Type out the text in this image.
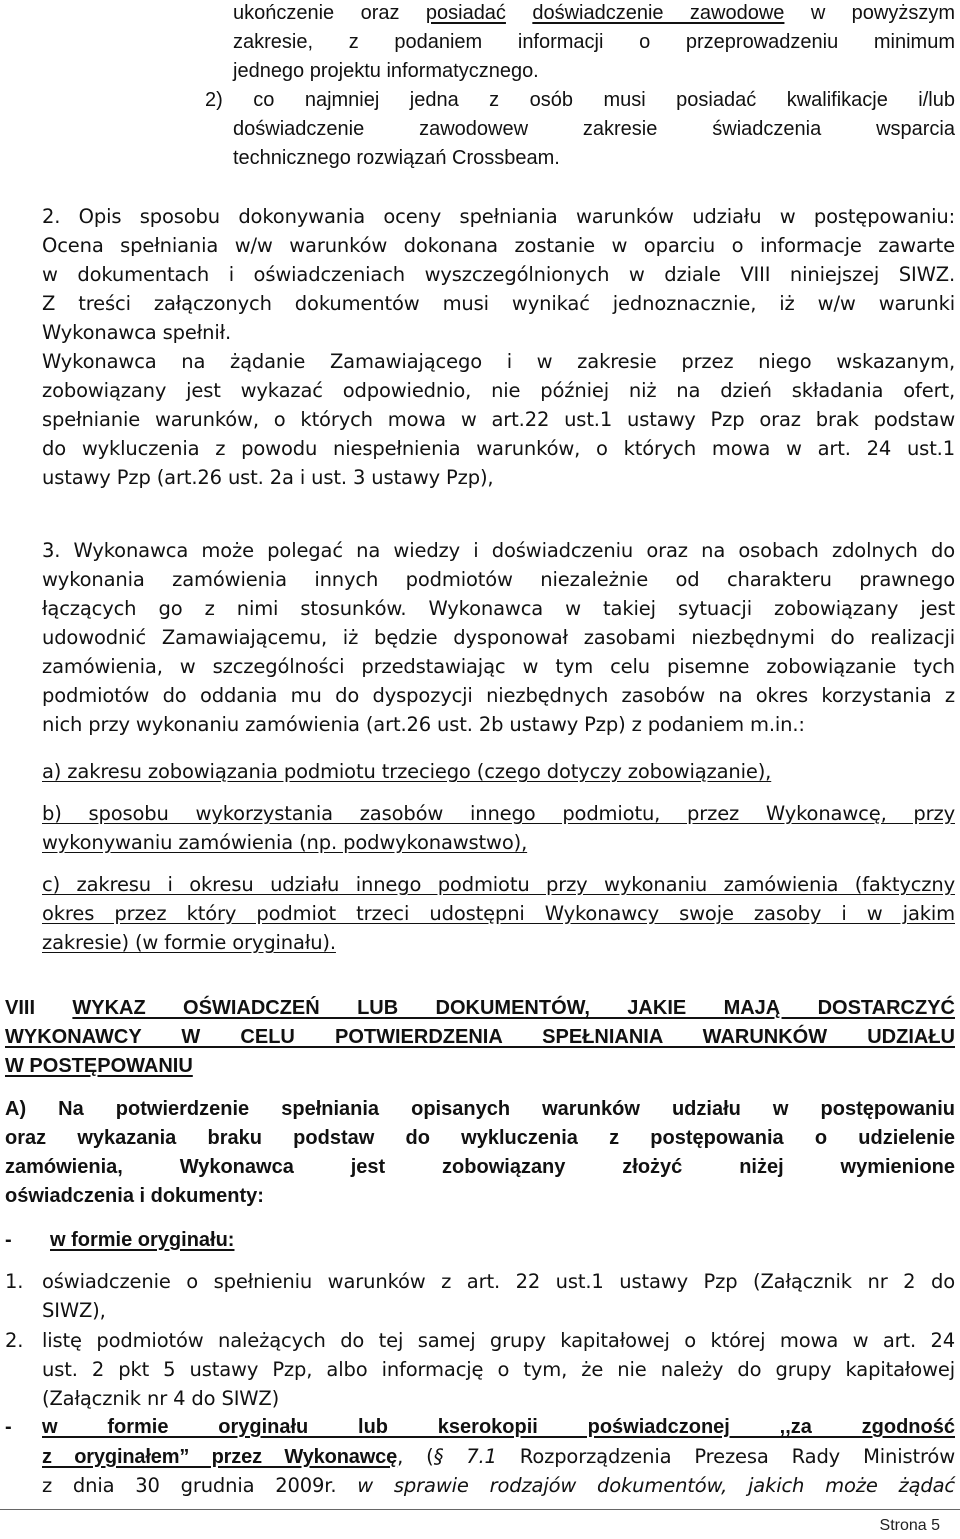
ukończenie oraz posiadać doświadczenie zawodowe w powyższym
zakresie, z podaniem informacji o przeprowadzeniu minimum
jednego projektu informatycznego.
2) co najmniej jedna z osób musi posiadać kwalifikacje i/lub
doświadczenie zawodowew zakresie świadczenia wsparcia
technicznego rozwiązań Crossbeam.
2. Opis sposobu dokonywania oceny spełniania warunków udziału w postępowaniu:
Ocena spełniania w/w warunków dokonana zostanie w oparciu o informacje zawarte
w dokumentach i oświadczeniach wyszczególnionych w dziale VIII niniejszej SIWZ.
Z treści załączonych dokumentów musi wynikać jednoznacznie, iż w/w warunki
Wykonawca spełnił.
Wykonawca na żądanie Zamawiającego i w zakresie przez niego wskazanym,
zobowiązany jest wykazać odpowiednio, nie później niż na dzień składania ofert,
spełnianie warunków, o których mowa w art.22 ust.1 ustawy Pzp oraz brak podstaw
do wykluczenia z powodu niespełnienia warunków, o których mowa w art. 24 ust.1
ustawy Pzp (art.26 ust. 2a i ust. 3 ustawy Pzp),
3. Wykonawca może polegać na wiedzy i doświadczeniu oraz na osobach zdolnych do
wykonania zamówienia innych podmiotów niezależnie od charakteru prawnego
łączących go z nimi stosunków. Wykonawca w takiej sytuacji zobowiązany jest
udowodnić Zamawiającemu, iż będzie dysponował zasobami niezbędnymi do realizacji
zamówienia, w szczególności przedstawiając w tym celu pisemne zobowiązanie tych
podmiotów do oddania mu do dyspozycji niezbędnych zasobów na okres korzystania z
nich przy wykonaniu zamówienia (art.26 ust. 2b ustawy Pzp) z podaniem m.in.:
a) zakresu zobowiązania podmiotu trzeciego (czego dotyczy zobowiązanie),
b) sposobu wykorzystania zasobów innego podmiotu, przez Wykonawcę, przy
wykonywaniu zamówienia (np. podwykonawstwo),
c) zakresu i okresu udziału innego podmiotu przy wykonaniu zamówienia (faktyczny
okres przez który podmiot trzeci udostępni Wykonawcy swoje zasoby i w jakim
zakresie) (w formie oryginału).
VIII WYKAZ OŚWIADCZEŃ LUB DOKUMENTÓW, JAKIE MAJĄ DOSTARCZYĆ
WYKONAWCY W CELU POTWIERDZENIA SPEŁNIANIA WARUNKÓW UDZIAŁU
W POSTĘPOWANIU
A) Na potwierdzenie spełniania opisanych warunków udziału w postępowaniu
oraz wykazania braku podstaw do wykluczenia z postępowania o udzielenie
zamówienia, Wykonawca jest zobowiązany złożyć niżej wymienione
oświadczenia i dokumenty:
- w formie oryginału:
1. oświadczenie o spełnieniu warunków z art. 22 ust.1 ustawy Pzp (Załącznik nr 2 do
SIWZ),
2. listę podmiotów należących do tej samej grupy kapitałowej o której mowa w art. 24
ust. 2 pkt 5 ustawy Pzp, albo informację o tym, że nie należy do grupy kapitałowej
(Załącznik nr 4 do SIWZ)
- w formie oryginału lub kserokopii poświadczonej ,,za zgodność
z oryginałem” przez Wykonawcę, (§ 7.1 Rozporządzenia Prezesa Rady Ministrów
z dnia 30 grudnia 2009r. w sprawie rodzajów dokumentów, jakich może żądać
Strona 5
